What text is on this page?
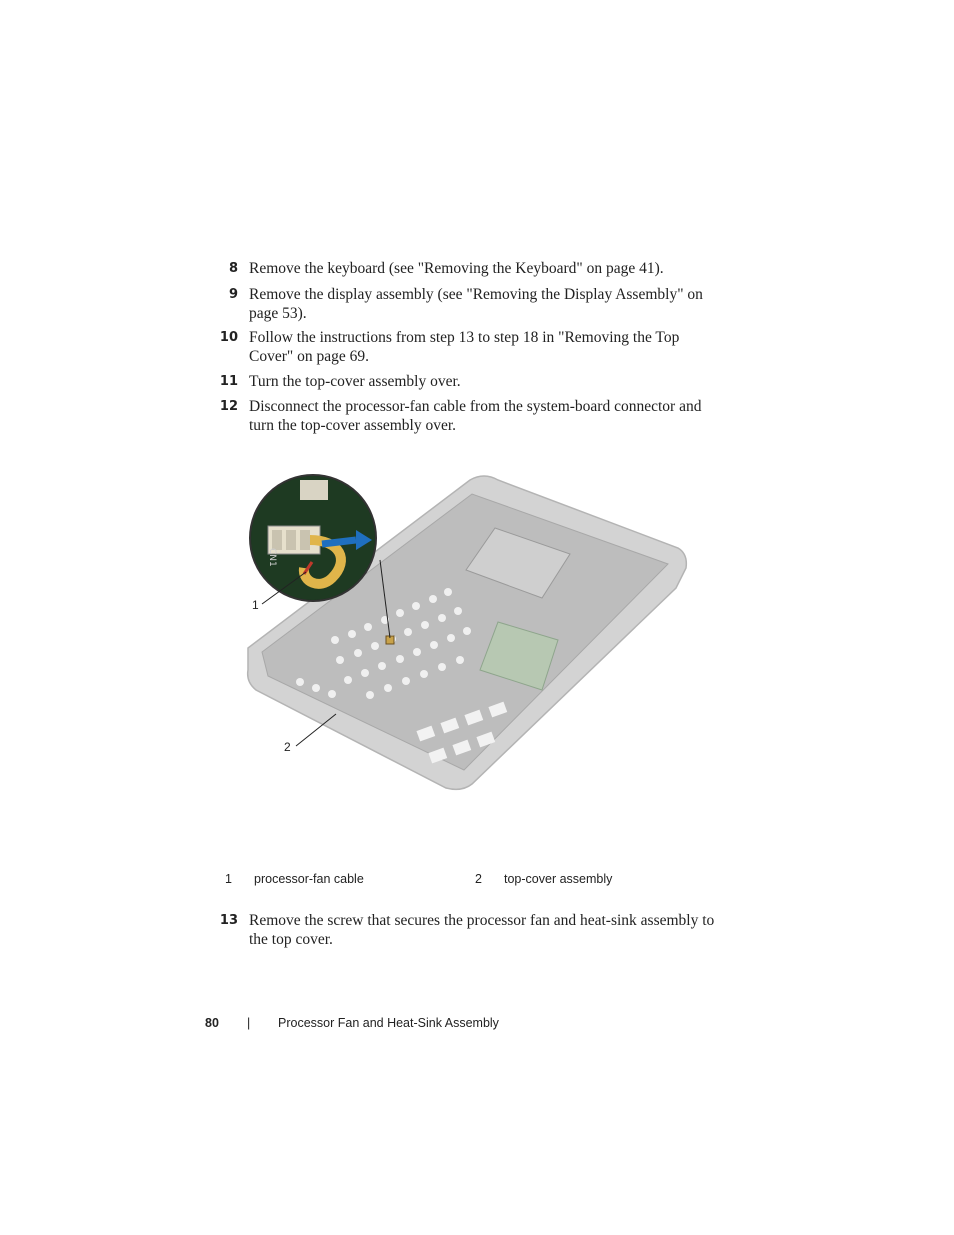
8 Remove the keyboard (see "Removing the Keyboard" on page 41).
9 Remove the display assembly (see "Removing the Display Assembly" on page 53).
10 Follow the instructions from step 13 to step 18 in "Removing the Top Cover" on page 69.
11 Turn the top-cover assembly over.
12 Disconnect the processor-fan cable from the system-board connector and turn the top-cover assembly over.
CN1
1
2
1 processor-fan cable	2 top-cover assembly
13 Remove the screw that secures the processor fan and heat-sink assembly to the top cover.
80 | Processor Fan and Heat-Sink Assembly
